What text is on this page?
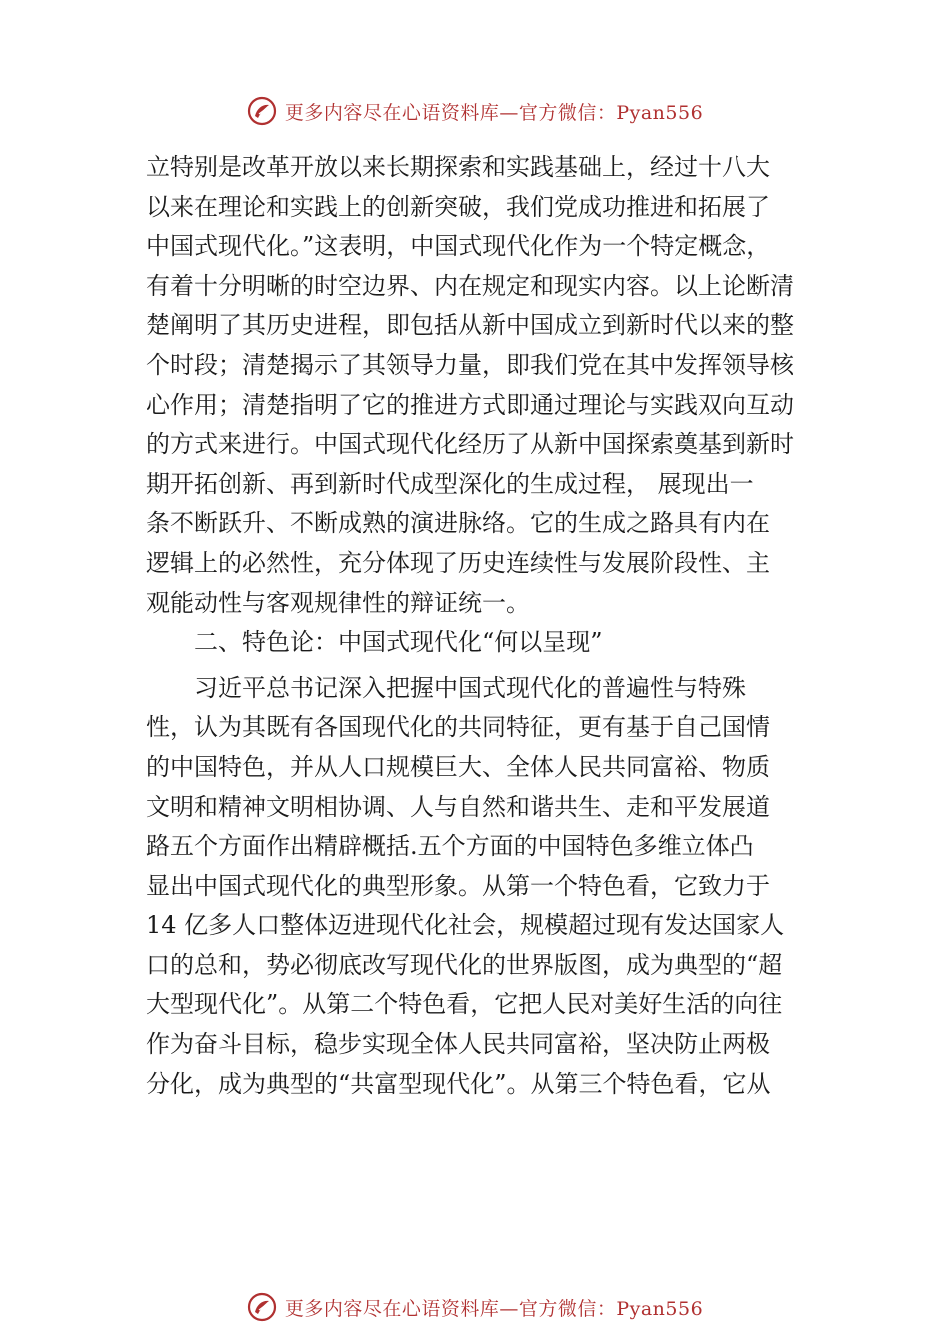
更多内容尽在心语资料库—官方微信：Pyan556
立特别是改革开放以来长期探索和实践基础上，经过十八大
以来在理论和实践上的创新突破，我们党成功推进和拓展了
中国式现代化。”这表明，中国式现代化作为一个特定概念，
有着十分明晰的时空边界、内在规定和现实内容。以上论断清
楚阐明了其历史进程，即包括从新中国成立到新时代以来的整
个时段；清楚揭示了其领导力量，即我们党在其中发挥领导核
心作用；清楚指明了它的推进方式即通过理论与实践双向互动
的方式来进行。中国式现代化经历了从新中国探索奠基到新时
期开拓创新、再到新时代成型深化的生成过程， 展现出一
条不断跃升、不断成熟的演进脉络。它的生成之路具有内在
逻辑上的必然性，充分体现了历史连续性与发展阶段性、主
观能动性与客观规律性的辩证统一。
　　二、特色论：中国式现代化“何以呈现”
　　习近平总书记深入把握中国式现代化的普遍性与特殊
性，认为其既有各国现代化的共同特征，更有基于自己国情
的中国特色，并从人口规模巨大、全体人民共同富裕、物质
文明和精神文明相协调、人与自然和谐共生、走和平发展道
路五个方面作出精辟概括.五个方面的中国特色多维立体凸
显出中国式现代化的典型形象。从第一个特色看，它致力于
14 亿多人口整体迈进现代化社会，规模超过现有发达国家人
口的总和，势必彻底改写现代化的世界版图，成为典型的“超
大型现代化”。从第二个特色看，它把人民对美好生活的向往
作为奋斗目标，稳步实现全体人民共同富裕，坚决防止两极
分化，成为典型的“共富型现代化”。从第三个特色看，它从
更多内容尽在心语资料库—官方微信：Pyan556
